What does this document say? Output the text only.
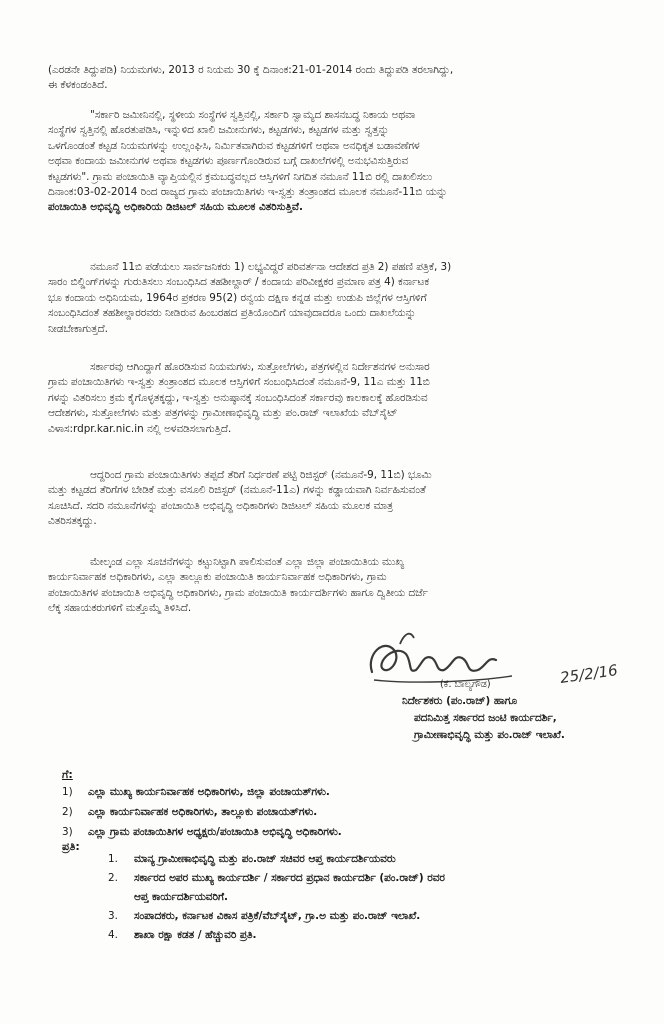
(ಎರಡನೇ ತಿದ್ದುಪಡಿ) ನಿಯಮಗಳು, 2013 ರ ನಿಯಮ 30 ಕ್ಕೆ ದಿನಾಂಕ:21-01-2014 ರಂದು ತಿದ್ದುಪಡಿ ತರಲಾಗಿದ್ದು,
ಈ ಕೆಳಕಂಡಂತಿದೆ.
"ಸರ್ಕಾರಿ ಜಮೀನಿನಲ್ಲಿ, ಸ್ಥಳೀಯ ಸಂಸ್ಥೆಗಳ ಸ್ವತ್ತಿನಲ್ಲಿ, ಸರ್ಕಾರಿ ಸ್ವಾಮ್ಯದ ಶಾಸನಬದ್ಧ ನಿಕಾಯ ಅಥವಾ
ಸಂಸ್ಥೆಗಳ ಸ್ವತ್ತಿನಲ್ಲಿ ಹೊರತುಪಡಿಸಿ, ಇನ್ನುಳಿದ ಖಾಲಿ ಜಮೀನುಗಳು, ಕಟ್ಟಡಗಳು, ಕಟ್ಟಡಗಳ ಮತ್ತು ಸ್ವತ್ತನ್ನು
ಒಳಗೊಂಡಂತೆ ಕಟ್ಟಡ ನಿಯಮಗಳನ್ನು ಉಲ್ಲಂಘಿಸಿ, ನಿರ್ಮಿತವಾಗಿರುವ ಕಟ್ಟಡಗಳಿಗೆ ಅಥವಾ ಅನಧಿಕೃತ ಬಡಾವಣೆಗಳ
ಅಥವಾ ಕಂದಾಯ ಜಮೀನುಗಳ ಅಥವಾ ಕಟ್ಟಡಗಳು ಪೂರ್ಣಗೊಂಡಿರುವ ಬಗ್ಗೆ ದಾಖಲೆಗಳಲ್ಲಿ ಅನುಭವಿಸುತ್ತಿರುವ
ಕಟ್ಟಡಗಳು". ಗ್ರಾಮ ಪಂಚಾಯಿತಿ ವ್ಯಾಪ್ತಿಯಲ್ಲಿನ ಕ್ರಮಬದ್ಧವಲ್ಲದ ಆಸ್ತಿಗಳಿಗೆ ನಿಗದಿತ ನಮೂನೆ 11ಬಿ ರಲ್ಲಿ ದಾಖಲಿಸಲು
ದಿನಾಂಕ:03-02-2014 ರಿಂದ ರಾಜ್ಯದ ಗ್ರಾಮ ಪಂಚಾಯಿತಿಗಳು ಇ-ಸ್ವತ್ತು ತಂತ್ರಾಂಶದ ಮೂಲಕ ನಮೂನೆ-11ಬಿ ಯನ್ನು
ಪಂಚಾಯಿತಿ ಅಭಿವೃದ್ಧಿ ಅಧಿಕಾರಿಯ ಡಿಜಿಟಲ್ ಸಹಿಯ ಮೂಲಕ ವಿತರಿಸುತ್ತಿವೆ.
ನಮೂನೆ 11ಬಿ ಪಡೆಯಲು ಸಾರ್ವಜನಿಕರು 1) ಲಭ್ಯವಿದ್ದರೆ ಪರಿವರ್ತನಾ ಆದೇಶದ ಪ್ರತಿ 2) ಪಹಣಿ ಪತ್ರಿಕೆ, 3)
ಸಾರಂ ಬಿಲ್ಡಿಂಗ್‌ಗಳನ್ನು ಗುರುತಿಸಲು ಸಂಬಂಧಿಸಿದ ತಹಶೀಲ್ದಾರ್ / ಕಂದಾಯ ಪರಿವೀಕ್ಷಕರ ಪ್ರಮಾಣ ಪತ್ರ 4) ಕರ್ನಾಟಕ
ಭೂ ಕಂದಾಯ ಅಧಿನಿಯಮ, 1964ರ ಪ್ರಕರಣ 95(2) ರನ್ವಯ ದಕ್ಷಿಣ ಕನ್ನಡ ಮತ್ತು ಉಡುಪಿ ಜಿಲ್ಲೆಗಳ ಆಸ್ತಿಗಳಿಗೆ
ಸಂಬಂಧಿಸಿದಂತೆ ತಹಶೀಲ್ದಾರರವರು ನೀಡಿರುವ ಹಿಂಬರಹದ ಪ್ರತಿಯೊಂದಿಗೆ ಯಾವುದಾದರೂ ಒಂದು ದಾಖಲೆಯನ್ನು
ನೀಡಬೇಕಾಗುತ್ತದೆ.
ಸರ್ಕಾರವು ಆಗಿಂದ್ದಾಗೆ ಹೊರಡಿಸುವ ನಿಯಮಗಳು, ಸುತ್ತೋಲೆಗಳು, ಪತ್ರಗಳಲ್ಲಿನ ನಿರ್ದೇಶನಗಳ ಅನುಸಾರ
ಗ್ರಾಮ ಪಂಚಾಯಿತಿಗಳು ಇ-ಸ್ವತ್ತು ತಂತ್ರಾಂಶದ ಮೂಲಕ ಆಸ್ತಿಗಳಿಗೆ ಸಂಬಂಧಿಸಿದಂತೆ ನಮೂನೆ-9, 11ಎ ಮತ್ತು 11ಬಿ
ಗಳನ್ನು ವಿತರಿಸಲು ಕ್ರಮ ಕೈಗೊಳ್ಳತಕ್ಕದ್ದು, ಇ-ಸ್ವತ್ತು ಅನುಷ್ಠಾನಕ್ಕೆ ಸಂಬಂಧಿಸಿದಂತೆ ಸರ್ಕಾರವು ಕಾಲಕಾಲಕ್ಕೆ ಹೊರಡಿಸುವ
ಆದೇಶಗಳು, ಸುತ್ತೋಲೆಗಳು ಮತ್ತು ಪತ್ರಗಳನ್ನು ಗ್ರಾಮೀಣಾಭಿವೃದ್ಧಿ ಮತ್ತು ಪಂ.ರಾಜ್ ಇಲಾಖೆಯ ವೆಬ್‌ಸೈಟ್
ವಿಳಾಸ:rdpr.kar.nic.in ನಲ್ಲಿ ಅಳವಡಿಸಲಾಗುತ್ತಿದೆ.
ಆದ್ದರಿಂದ ಗ್ರಾಮ ಪಂಚಾಯಿತಿಗಳು ತಪ್ಪದೆ ತೆರಿಗೆ ನಿರ್ಧರಣೆ ಪಟ್ಟಿ ರಿಜಿಸ್ಟರ್ (ನಮೂನೆ-9, 11ಬಿ) ಭೂಮಿ
ಮತ್ತು ಕಟ್ಟಡದ ತೆರಿಗೆಗಳ ಬೇಡಿಕೆ ಮತ್ತು ವಸೂಲಿ ರಿಜಿಸ್ಟರ್ (ನಮೂನೆ-11ಎ) ಗಳನ್ನು ಕಡ್ಡಾಯವಾಗಿ ನಿರ್ವಹಿಸುವಂತೆ
ಸೂಚಿಸಿದೆ. ಸದರಿ ನಮೂನೆಗಳನ್ನು ಪಂಚಾಯಿತಿ ಅಭಿವೃದ್ಧಿ ಅಧಿಕಾರಿಗಳು ಡಿಜಿಟಲ್ ಸಹಿಯ ಮೂಲಕ ಮಾತ್ರ
ವಿತರಿಸತಕ್ಕದ್ದು.
ಮೇಲ್ಕಂಡ ಎಲ್ಲಾ ಸೂಚನೆಗಳನ್ನು ಕಟ್ಟುನಿಟ್ಟಾಗಿ ಪಾಲಿಸುವಂತೆ ಎಲ್ಲಾ ಜಿಲ್ಲಾ ಪಂಚಾಯಿತಿಯ ಮುಖ್ಯ
ಕಾರ್ಯನಿರ್ವಾಹಕ ಅಧಿಕಾರಿಗಳು, ಎಲ್ಲಾ ತಾಲ್ಲೂಕು ಪಂಚಾಯಿತಿ ಕಾರ್ಯನಿರ್ವಾಹಕ ಅಧಿಕಾರಿಗಳು, ಗ್ರಾಮ
ಪಂಚಾಯಿತಿಗಳ ಪಂಚಾಯಿತಿ ಅಭಿವೃದ್ಧಿ ಅಧಿಕಾರಿಗಳು, ಗ್ರಾಮ ಪಂಚಾಯಿತಿ ಕಾರ್ಯದರ್ಶಿಗಳು ಹಾಗೂ ದ್ವಿತೀಯ ದರ್ಜೆ
ಲೆಕ್ಕ ಸಹಾಯಕರುಗಳಿಗೆ ಮತ್ತೊಮ್ಮೆ ತಿಳಿಸಿದೆ.
25/2/16
(ಕೆ. ಬಾಲ್ಯಗೌಡ)
ನಿರ್ದೇಶಕರು (ಪಂ.ರಾಜ್) ಹಾಗೂ
ಪದನಿಮಿತ್ತ ಸರ್ಕಾರದ ಜಂಟಿ ಕಾರ್ಯದರ್ಶಿ,
ಗ್ರಾಮೀಣಾಭಿವೃದ್ಧಿ ಮತ್ತು ಪಂ.ರಾಜ್ ಇಲಾಖೆ.
ಗೆ:
1)	ಎಲ್ಲಾ ಮುಖ್ಯ ಕಾರ್ಯನಿರ್ವಾಹಕ ಅಧಿಕಾರಿಗಳು, ಜಿಲ್ಲಾ ಪಂಚಾಯತ್‌ಗಳು.
2)	ಎಲ್ಲಾ ಕಾರ್ಯನಿರ್ವಾಹಕ ಅಧಿಕಾರಿಗಳು, ತಾಲ್ಲೂಕು ಪಂಚಾಯತ್‌ಗಳು.
3)	ಎಲ್ಲಾ ಗ್ರಾಮ ಪಂಚಾಯಿತಿಗಳ ಅಧ್ಯಕ್ಷರು/ಪಂಚಾಯಿತಿ ಅಭಿವೃದ್ಧಿ ಅಧಿಕಾರಿಗಳು.
ಪ್ರತಿ:
1.	ಮಾನ್ಯ ಗ್ರಾಮೀಣಾಭಿವೃದ್ಧಿ ಮತ್ತು ಪಂ.ರಾಜ್ ಸಚಿವರ ಆಪ್ತ ಕಾರ್ಯದರ್ಶಿಯವರು
2.	ಸರ್ಕಾರದ ಅಪರ ಮುಖ್ಯ ಕಾರ್ಯದರ್ಶಿ / ಸರ್ಕಾರದ ಪ್ರಧಾನ ಕಾರ್ಯದರ್ಶಿ (ಪಂ.ರಾಜ್) ರವರ
ಆಪ್ತ ಕಾರ್ಯದರ್ಶಿಯವರಿಗೆ.
3.	ಸಂಪಾದಕರು, ಕರ್ನಾಟಕ ವಿಕಾಸ ಪತ್ರಿಕೆ/ವೆಬ್‌ಸೈಟ್, ಗ್ರಾ.ಅ ಮತ್ತು ಪಂ.ರಾಜ್ ಇಲಾಖೆ.
4.	ಶಾಖಾ ರಕ್ಷಾ ಕಡತ / ಹೆಚ್ಚುವರಿ ಪ್ರತಿ.
